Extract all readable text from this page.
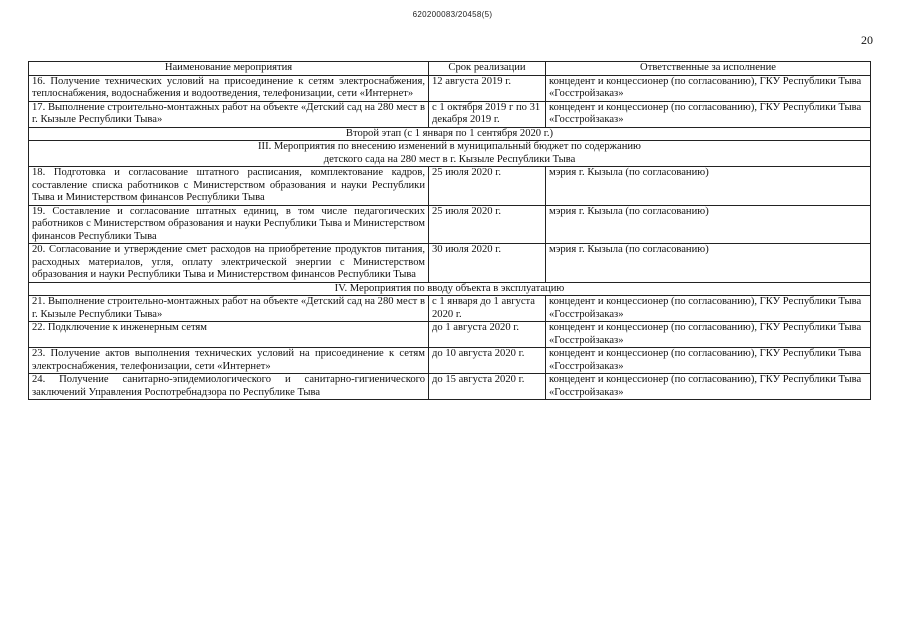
620200083/20458(5)
20
Наименование мероприятия	Срок реализации	Ответственные за исполнение
16. Получение технических условий на присоединение к сетям электроснабжения, теплоснабжения, водоснабжения и водоотведения, телефонизации, сети «Интернет»	12 августа 2019 г.	концедент и концессионер (по согласованию), ГКУ Республики Тыва «Госстройзаказ»
17. Выполнение строительно-монтажных работ на объекте «Детский сад на 280 мест в г. Кызыле Республики Тыва»	с 1 октября 2019 г по 31 декабря 2019 г.	концедент и концессионер (по согласованию), ГКУ Республики Тыва «Госстройзаказ»
Второй этап (с 1 января по 1 сентября 2020 г.)		

III. Мероприятия по внесению изменений в муниципальный бюджет по содержанию
детского сада на 280 мест в г. Кызыле Республики Тыва		

18. Подготовка и согласование штатного расписания, комплектование кадров, составление списка работников с Министерством образования и науки Республики Тыва и Министерством финансов Республики Тыва	25 июля 2020 г.	мэрия г. Кызыла (по согласованию)
19. Составление и согласование штатных единиц, в том числе педагогических работников с Министерством образования и науки Республики Тыва и Министерством финансов Республики Тыва	25 июля 2020 г.	мэрия г. Кызыла (по согласованию)
20. Согласование и утверждение смет расходов на приобретение продуктов питания, расходных материалов, угля, оплату электрической энергии с Министерством образования и науки Республики Тыва и Министерством финансов Республики Тыва	30 июля 2020 г.	мэрия г. Кызыла (по согласованию)
IV. Мероприятия по вводу объекта в эксплуатацию		
21. Выполнение строительно-монтажных работ на объекте «Детский сад на 280 мест в г. Кызыле Республики Тыва»	с 1 января до 1 августа 2020 г.	концедент и концессионер (по согласованию), ГКУ Республики Тыва «Госстройзаказ»
22. Подключение к инженерным сетям	до 1 августа 2020 г.	концедент и концессионер (по согласованию), ГКУ Республики Тыва «Госстройзаказ»
23. Получение актов выполнения технических условий на присоединение к сетям электроснабжения, телефонизации, сети «Интернет»	до 10 августа 2020 г.	концедент и концессионер (по согласованию), ГКУ Республики Тыва «Госстройзаказ»
24. Получение санитарно-эпидемиологического и санитарно-гигиенического заключений Управления Роспотребнадзора по Республике Тыва	до 15 августа 2020 г.	концедент и концессионер (по согласованию), ГКУ Республики Тыва «Госстройзаказ»
